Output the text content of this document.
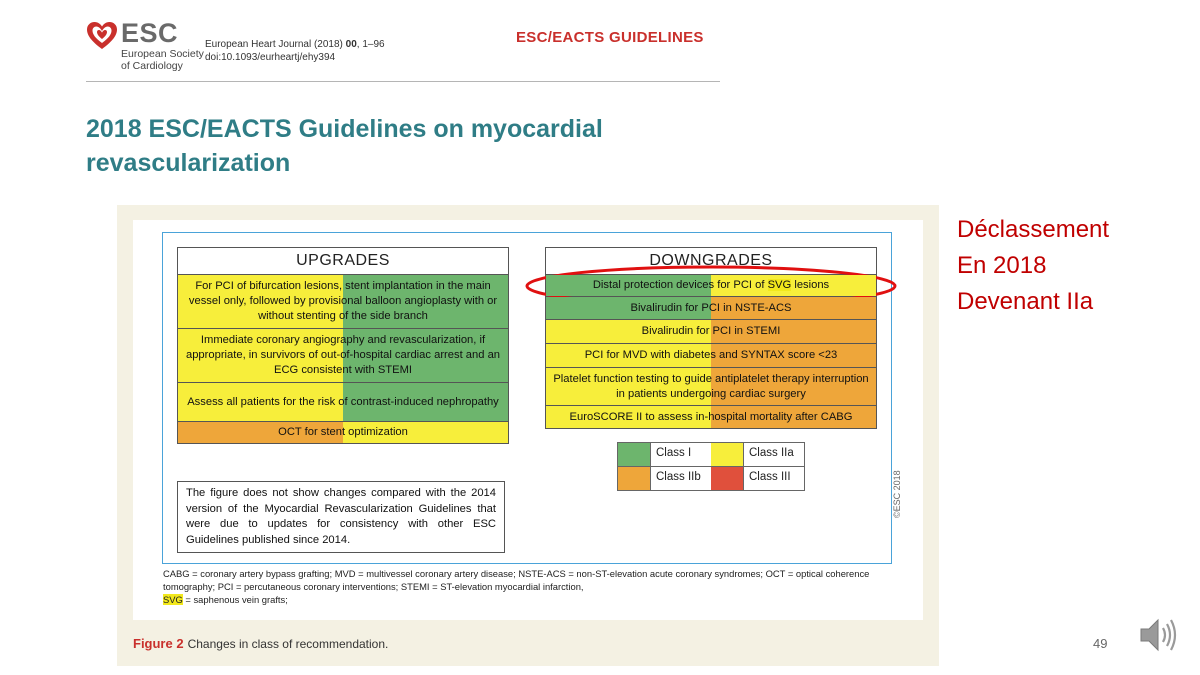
ESC
European Society of Cardiology
European Heart Journal (2018) 00, 1–96
doi:10.1093/eurheartj/ehy394
ESC/EACTS GUIDELINES
2018 ESC/EACTS Guidelines on myocardial revascularization
UPGRADES
For PCI of bifurcation lesions, stent implantation in the main vessel only, followed by provisional balloon angioplasty with or without stenting of the side branch
Immediate coronary angiography and revascularization, if appropriate, in survivors of out-of-hospital cardiac arrest and an ECG consistent with STEMI
Assess all patients for the risk of contrast-induced nephropathy
OCT for stent optimization
DOWNGRADES
Distal protection devices for PCI of SVG lesions
Bivalirudin for PCI in NSTE-ACS
Bivalirudin for PCI in STEMI
PCI for MVD with diabetes and SYNTAX score <23
Platelet function testing to guide antiplatelet therapy interruption in patients undergoing cardiac surgery
EuroSCORE II to assess in-hospital mortality after CABG
Class I	Class IIa
Class IIb	Class III
The figure does not show changes compared with the 2014 version of the Myocardial Revascularization Guidelines that were due to updates for consistency with other ESC Guidelines published since 2014.
©ESC 2018
CABG = coronary artery bypass grafting; MVD = multivessel coronary artery disease; NSTE-ACS = non-ST-elevation acute coronary syndromes; OCT = optical coherence tomography; PCI = percutaneous coronary interventions; STEMI = ST-elevation myocardial infarction,
SVG = saphenous vein grafts;
Figure 2 Changes in class of recommendation.
Déclassement
En 2018
Devenant IIa
49
